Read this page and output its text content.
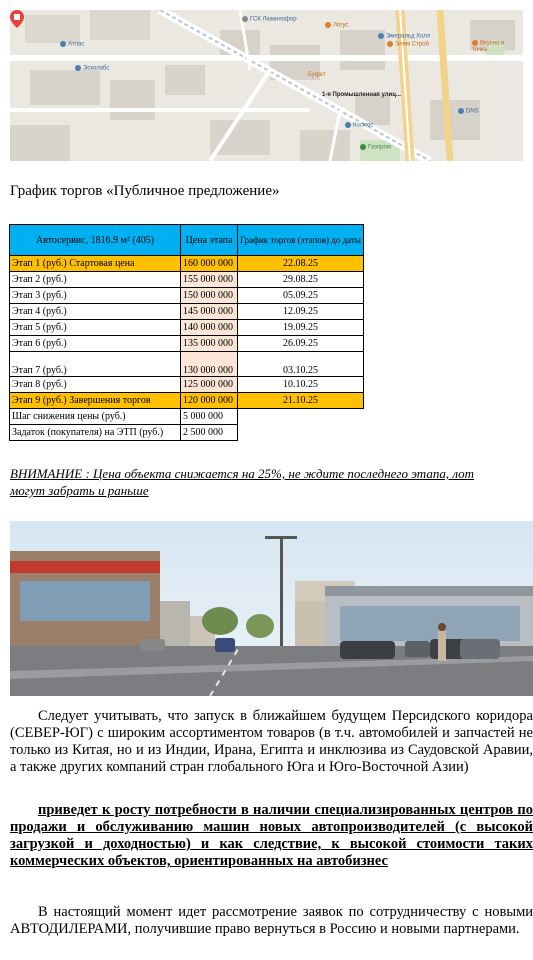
ГСК Люминофор
Логус
Эмеральд Холл
Элем Строй
Атлас
Эсколабс
Вкусно и точка
Буфет
1-я Промышленная улиц...
Космос
DNS
Газпром
График торгов «Публичное предложение»
Автосервис, 1816.9 м² (405)	Цена этапа	График торгов (этапов) до даты
Этап 1 (руб.) Стартовая цена	160 000 000	22.08.25
Этап 2 (руб.)	155 000 000	29.08.25
Этап 3 (руб.)	150 000 000	05.09.25
Этап 4 (руб.)	145 000 000	12.09.25
Этап 5 (руб.)	140 000 000	19.09.25
Этап 6 (руб.)	135 000 000	26.09.25
Этап 7 (руб.)	130 000 000	03.10.25
Этап 8 (руб.)	125 000 000	10.10.25
Этап 9 (руб.) Завершения торгов	120 000 000	21.10.25
Шаг снижения цены (руб.)	5 000 000	
Задаток (покупателя) на ЭТП (руб.)	2 500 000	
ВНИМАНИЕ : Цена объекта снижается на 25%, не ждите последнего этапа, лот могут забрать и раньше
Следует учитывать, что запуск в ближайшем будущем Персидского коридора (СЕВЕР-ЮГ) с широким ассортиментом товаров (в т.ч. автомобилей и запчастей не только из Китая, но и из Индии, Ирана, Египта и инклюзива из Саудовской Аравии, а также других компаний стран глобального Юга и Юго-Восточной Азии)
приведет к росту потребности в наличии специализированных центров по продажи и обслуживанию машин новых автопроизводителей (с высокой загрузкой и доходностью) и как следствие, к высокой стоимости таких коммерческих объектов, ориентированных на автобизнес
В настоящий момент идет рассмотрение заявок по сотрудничеству с новыми АВТОДИЛЕРАМИ, получившие право вернуться в Россию и новыми партнерами.
